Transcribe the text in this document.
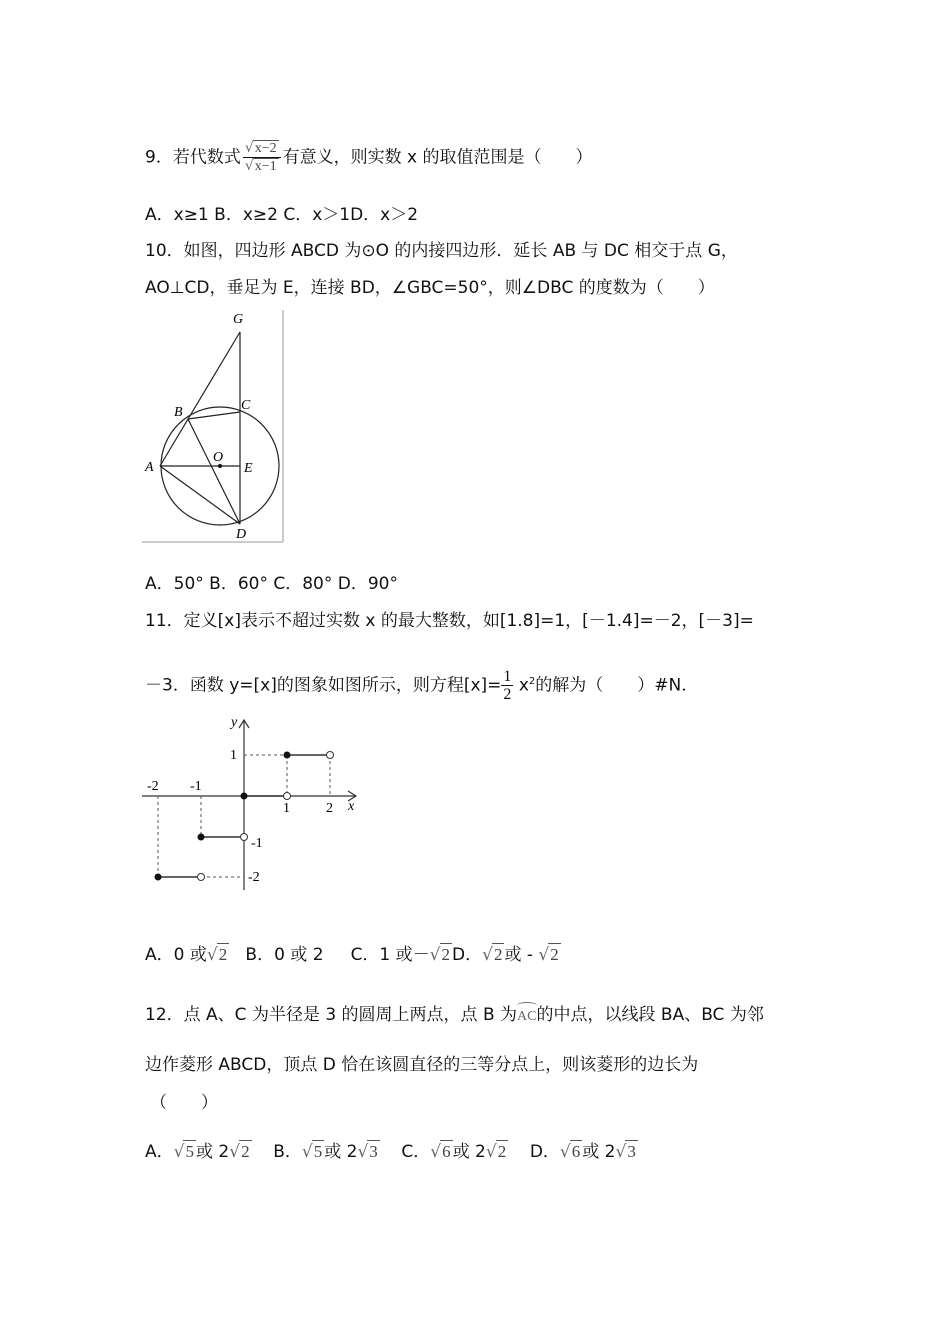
9．若代数式 $\frac{√x-2}{√x-1}$ 有意义，则实数 x 的取值范围是（　　）
A．x≥1 B．x≥2 C．x＞1D．x＞2
10．如图，四边形 ABCD 为⊙O 的内接四边形．延长 AB 与 DC 相交于点 G，
AO⊥CD，垂足为 E，连接 BD，∠GBC=50°，则∠DBC 的度数为（　　）
G
B	C
A
O
E
D
A．50° B．60° C．80° D．90°
11．定义[x]表示不超过实数 x 的最大整数，如[1.8]=1，[－1.4]=－2，[－3]=
－3．函数 y=[x]的图象如图所示，则方程$[x]= \frac{1}{2} x^2$的解为（　　）#N．
y
x
-2 -1
1	2
1
-1
-2
A．0 或√2 B．0 或 2 C．1 或－√2 D．√2 或 - √2
12．点 A、C 为半径是 3 的圆周上两点，点 B 为AC的中点，以线段 BA、BC 为邻
边作菱形 ABCD，顶点 D 恰在该圆直径的三等分点上，则该菱形的边长为
（　　）
A．√5 或 2√2 B．√5 或 2√3 C．√6 或 2√2 D．√6 或 2√3
